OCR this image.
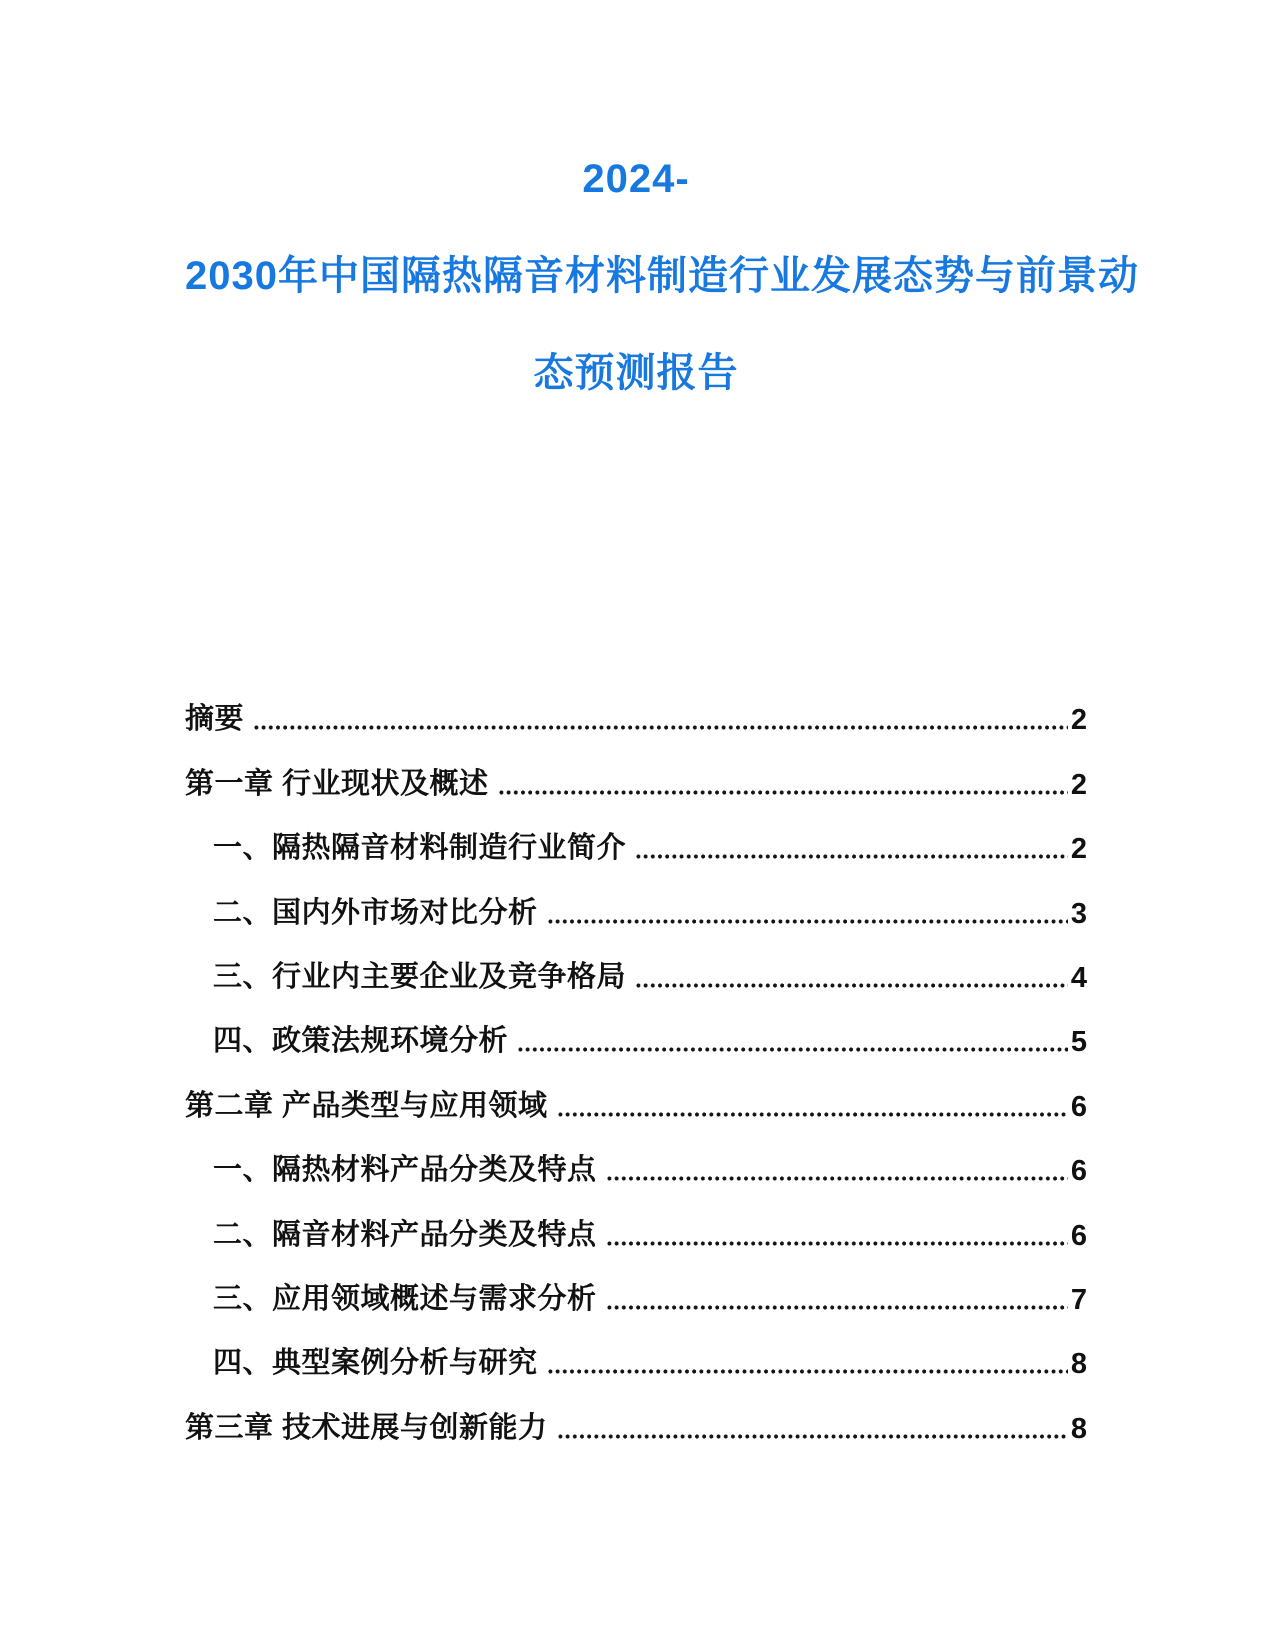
2024-
2030年中国隔热隔音材料制造行业发展态势与前景动
态预测报告
摘要	2
第一章 行业现状及概述	2
一、隔热隔音材料制造行业简介	2
二、国内外市场对比分析	3
三、行业内主要企业及竞争格局	4
四、政策法规环境分析	5
第二章 产品类型与应用领域	6
一、隔热材料产品分类及特点	6
二、隔音材料产品分类及特点	6
三、应用领域概述与需求分析	7
四、典型案例分析与研究	8
第三章 技术进展与创新能力	8
